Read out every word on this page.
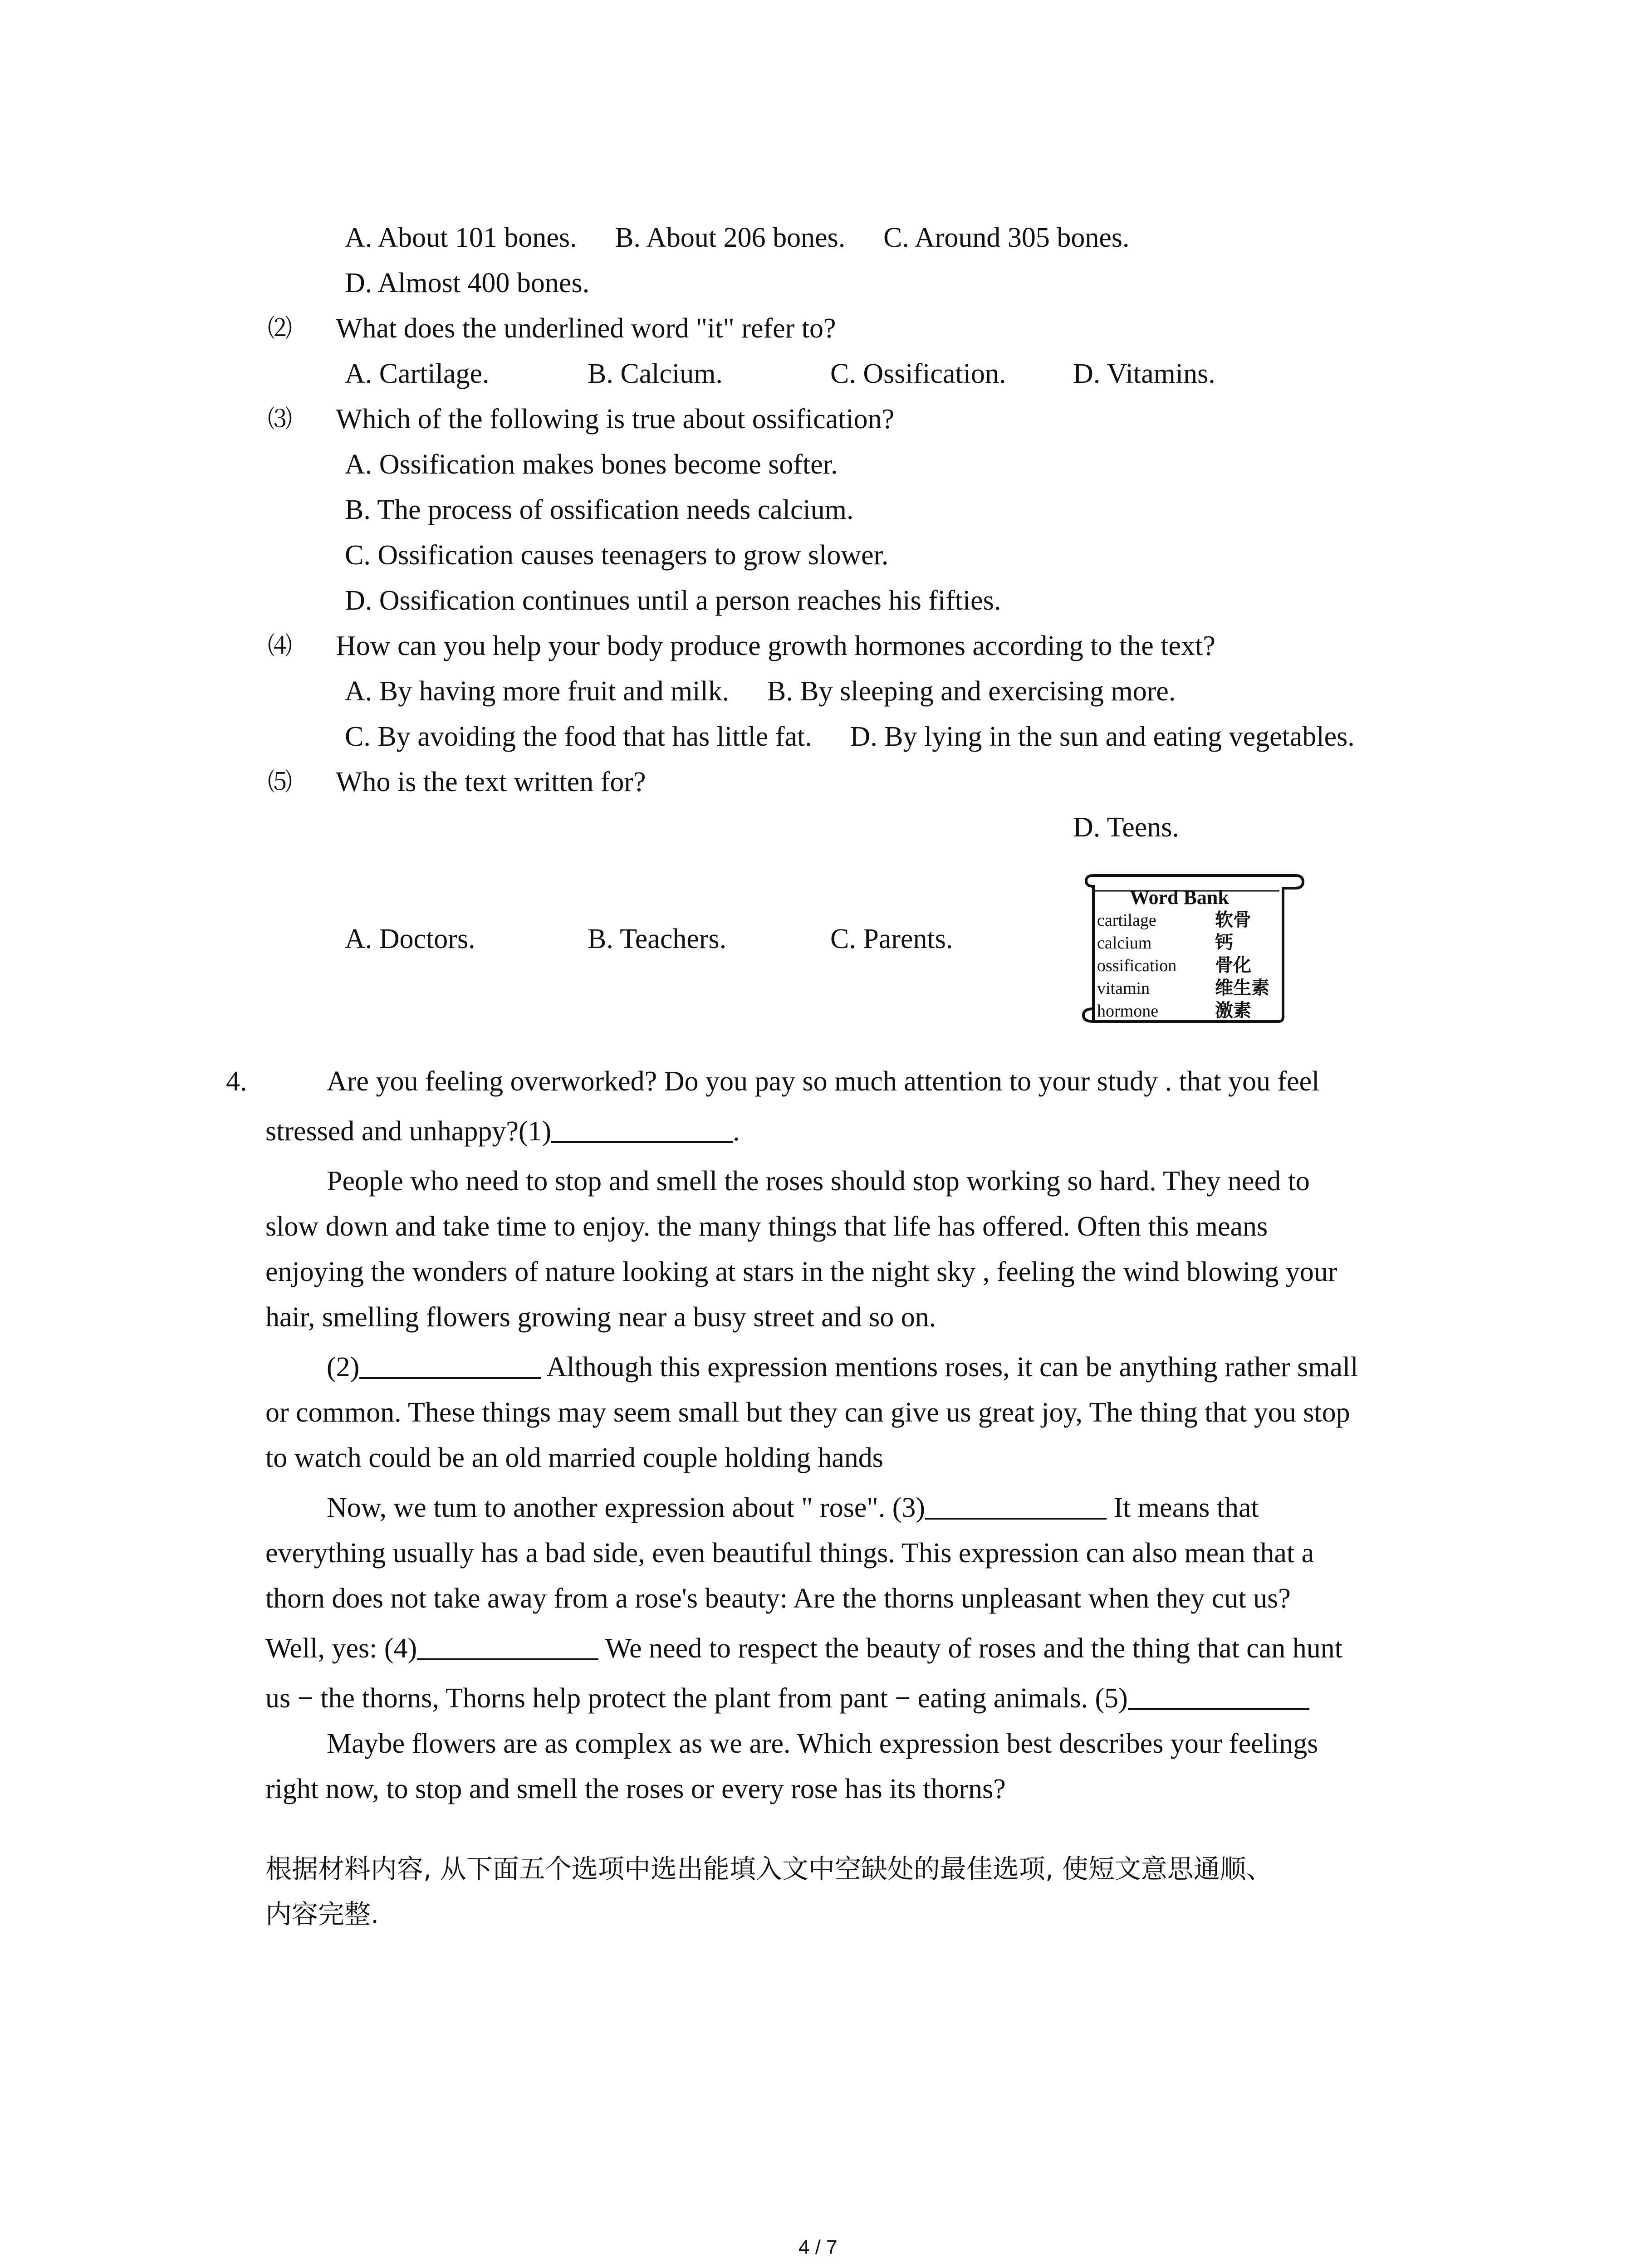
A. About 101 bones. B. About 206 bones. C. Around 305 bones.
D. Almost 400 bones.
⑵ What does the underlined word "it" refer to?
A. Cartilage.	B. Calcium.	C. Ossification. D. Vitamins.
⑶ Which of the following is true about ossification?
A. Ossification makes bones become softer.
B. The process of ossification needs calcium.
C. Ossification causes teenagers to grow slower.
D. Ossification continues until a person reaches his fifties.
⑷ How can you help your body produce growth hormones according to the text?
A. By having more fruit and milk. B. By sleeping and exercising more.
C. By avoiding the food that has little fat. D. By lying in the sun and eating vegetables.
⑸ Who is the text written for?
D. Teens.
A. Doctors.	B. Teachers.	C. Parents.
Word Bank
cartilage	软骨
calcium	钙
ossification 骨化
vitamin	维生素
hormone	激素
4.	Are you feeling overworked? Do you pay so much attention to your study . that you feel
stressed and unhappy?(1)	.
People who need to stop and smell the roses should stop working so hard. They need to
slow down and take time to enjoy. the many things that life has offered. Often this means
enjoying the wonders of nature looking at stars in the night sky , feeling the wind blowing your
hair, smelling flowers growing near a busy street and so on.
(2)	Although this expression mentions roses, it can be anything rather small
or common. These things may seem small but they can give us great joy, The thing that you stop
to watch could be an old married couple holding hands
Now, we tum to another expression about " rose". (3)	It means that
everything usually has a bad side, even beautiful things. This expression can also mean that a
thorn does not take away from a rose's beauty: Are the thorns unpleasant when they cut us?
Well, yes: (4)	We need to respect the beauty of roses and the thing that can hunt
us − the thorns, Thorns help protect the plant from pant − eating animals. (5)
Maybe flowers are as complex as we are. Which expression best describes your feelings
right now, to stop and smell the roses or every rose has its thorns?
根据材料内容, 从下面五个选项中选出能填入文中空缺处的最佳选项, 使短文意思通顺、
内容完整.
4 / 7
